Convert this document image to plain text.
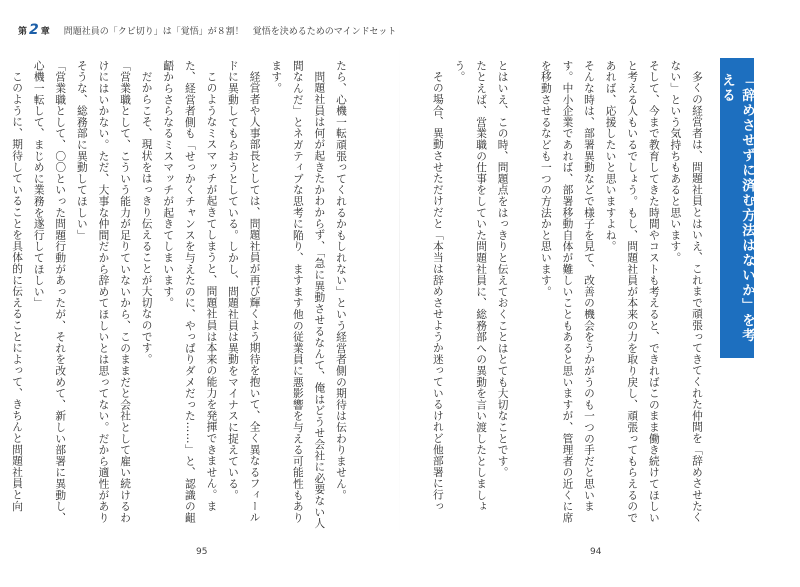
第 2 章 問題社員の「クビ切り」は「覚悟」が８割！　覚悟を決めるためのマインドセット

たら、心機一転頑張ってくれるかもしれない」という経営者側の期待は伝わりません。

問題社員は何が起きたかわからず、「急に異動させるなんて、俺はどうせ会社に必要ない人間なんだ」とネガティブな思考に陥り、ますます他の従業員に悪影響を与える可能性もあります。

経営者や人事部長としては、問題社員が再び輝くよう期待を抱いて、全く異なるフィールドに異動してもらおうとしている。しかし、問題社員は異動をマイナスに捉えている。

このようなミスマッチが起きてしまうと、問題社員は本来の能力を発揮できません。また、経営者側も「せっかくチャンスを与えたのに、やっぱりダメだった……」と、認識の齟齬からさらなるミスマッチが起きてしまいます。

だからこそ、現状をはっきり伝えることが大切なのです。

「営業職として、こういう能力が足りていないから、このままだと会社として雇い続けるわけにはいかない。ただ、大事な仲間だから辞めてほしいとは思ってない。だから適性がありそうな、総務部に異動してほしい」

「営業職として、〇〇といった問題行動があったが、それを改めて、新しい部署に異動し、心機一転して、まじめに業務を遂行してほしい」

このように、期待していることを具体的に伝えることによって、きちんと問題社員と向

95

多くの経営者は、問題社員とはいえ、これまで頑張ってきてくれた仲間を「辞めさせたくない」という気持ちもあると思います。

そして、今まで教育してきた時間やコストも考えると、できればこのまま働き続けてほしいと考える人もいるでしょう。もし、問題社員が本来の力を取り戻し、頑張ってもらえるのであれば、応援したいと思いますよね。

そんな時は、部署異動などで様子を見て、改善の機会をうかがうのも一つの手だと思います。中小企業であれば、部署移動自体が難しいこともあると思いますが、管理者の近くに席を移動させるなども一つの方法かと思います。

とはいえ、この時、問題点をはっきりと伝えておくことはとても大切なことです。

たとえば、営業職の仕事をしていた問題社員に、総務部への異動を言い渡したとしましょう。

その場合、異動させただけだと「本当は辞めさせようか迷っているけれど他部署に行っ	「辞めさせずに済む方法はないか」を考える
94
